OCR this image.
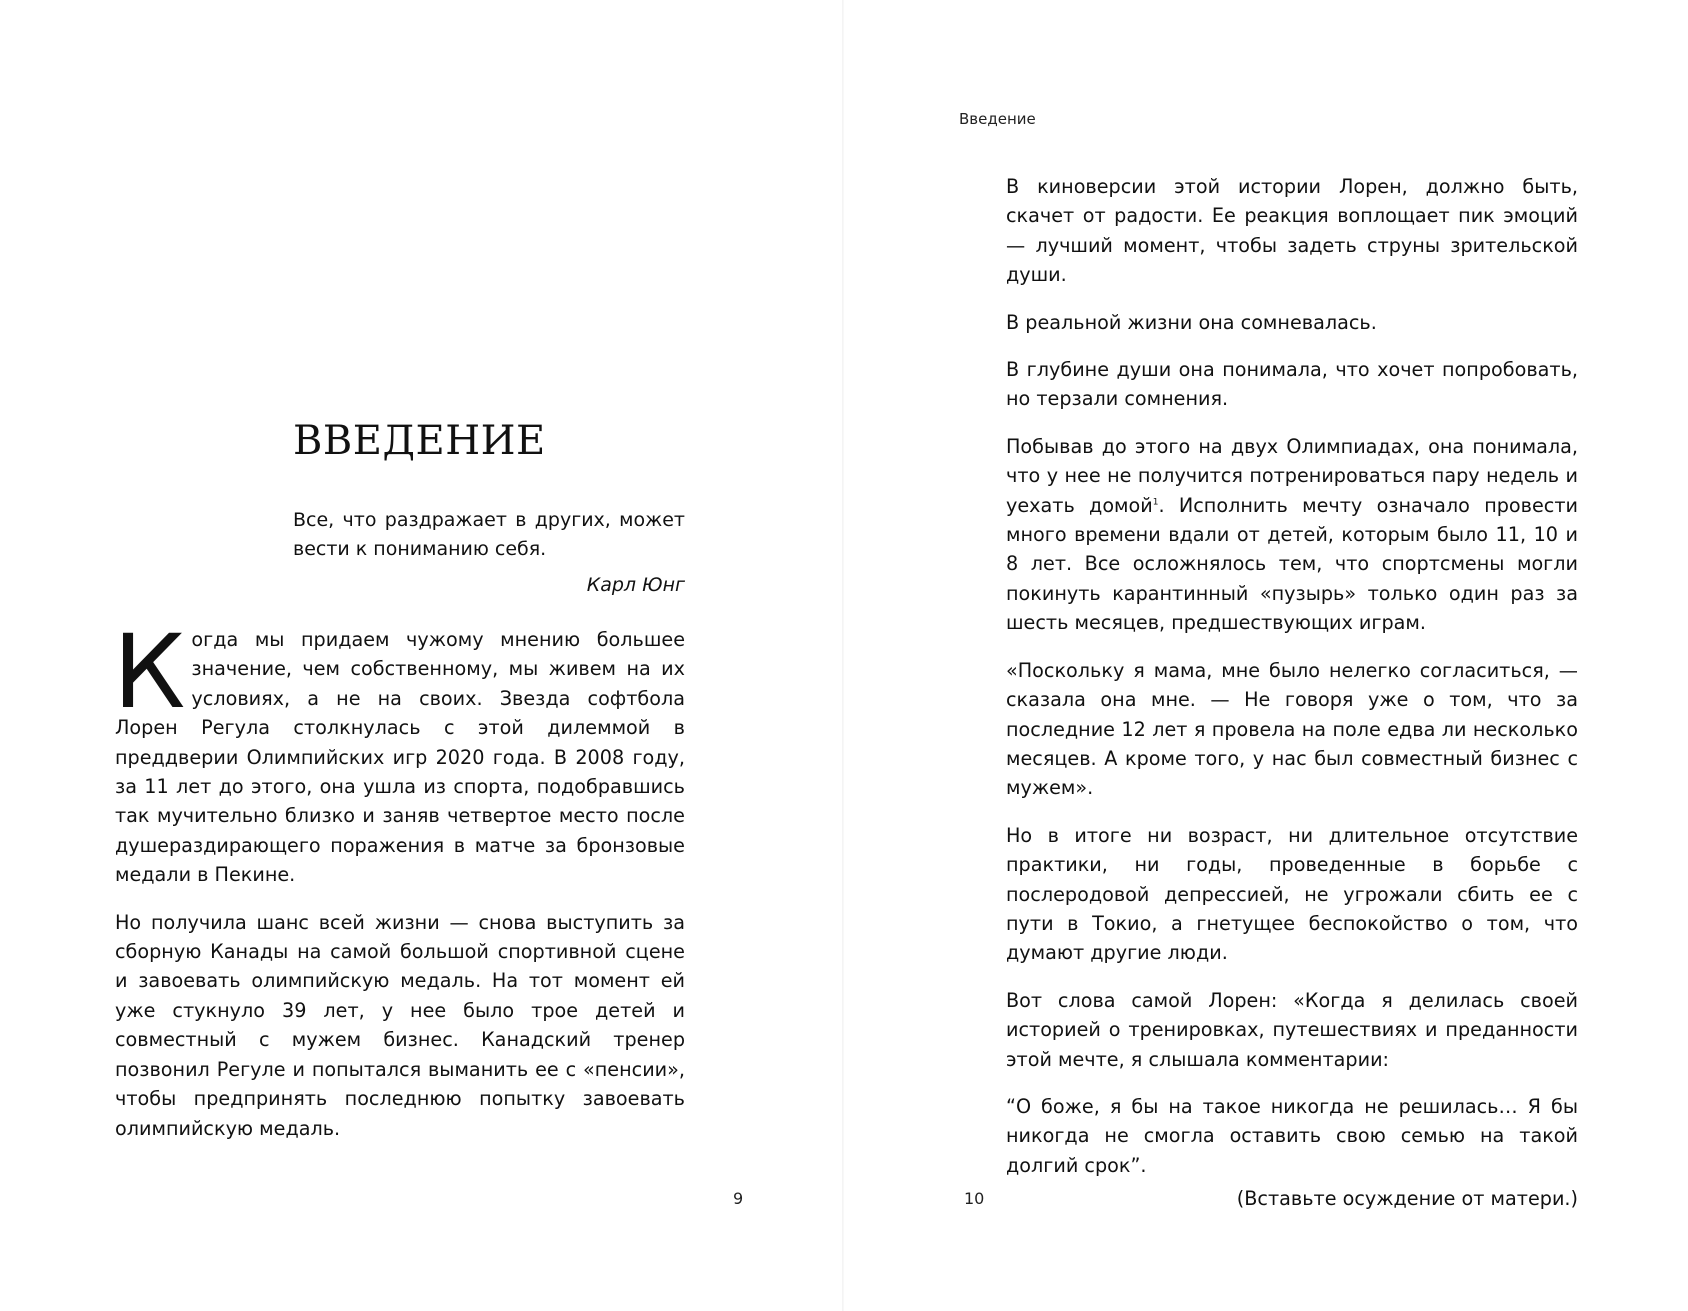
ВВЕДЕНИЕ

Все, что раздражает в других, может вести к пониманию себя.

Карл Юнг

Когда мы придаем чужому мнению большее значение, чем собственному, мы живем на их условиях, а не на своих. Звезда софтбола Лорен Регула столкнулась с этой дилеммой в преддверии Олимпийских игр 2020 года. В 2008 году, за 11 лет до этого, она ушла из спорта, подобравшись так мучительно близко и заняв четвертое место после душераздирающего поражения в матче за бронзовые медали в Пекине.

Но получила шанс всей жизни — снова выступить за сборную Канады на самой большой спортивной сцене и завоевать олимпийскую медаль. На тот момент ей уже стукнуло 39 лет, у нее было трое детей и совместный с мужем бизнес. Канадский тренер позвонил Регуле и попытался выманить ее с «пенсии», чтобы предпринять последнюю попытку завоевать олимпийскую медаль.

9
Введение

В киноверсии этой истории Лорен, должно быть, скачет от радости. Ее реакция воплощает пик эмоций — лучший момент, чтобы задеть струны зрительской души.

В реальной жизни она сомневалась.

В глубине души она понимала, что хочет попробовать, но терзали сомнения.

Побывав до этого на двух Олимпиадах, она понимала, что у нее не получится потренироваться пару недель и уехать домой$^1$. Исполнить мечту означало провести много времени вдали от детей, которым было 11, 10 и 8 лет. Все осложнялось тем, что спортсмены могли покинуть карантинный «пузырь» только один раз за шесть месяцев, предшествующих играм.

«Поскольку я мама, мне было нелегко согласиться, — сказала она мне. — Не говоря уже о том, что за последние 12 лет я провела на поле едва ли несколько месяцев. А кроме того, у нас был совместный бизнес с мужем».

Но в итоге ни возраст, ни длительное отсутствие практики, ни годы, проведенные в борьбе с послеродовой депрессией, не угрожали сбить ее с пути в Токио, а гнетущее беспокойство о том, что думают другие люди.

Вот слова самой Лорен: «Когда я делилась своей историей о тренировках, путешествиях и преданности этой мечте, я слышала комментарии:

“О боже, я бы на такое никогда не решилась… Я бы никогда не смогла оставить свою семью на такой долгий срок”.

(Вставьте осуждение от матери.)

10
